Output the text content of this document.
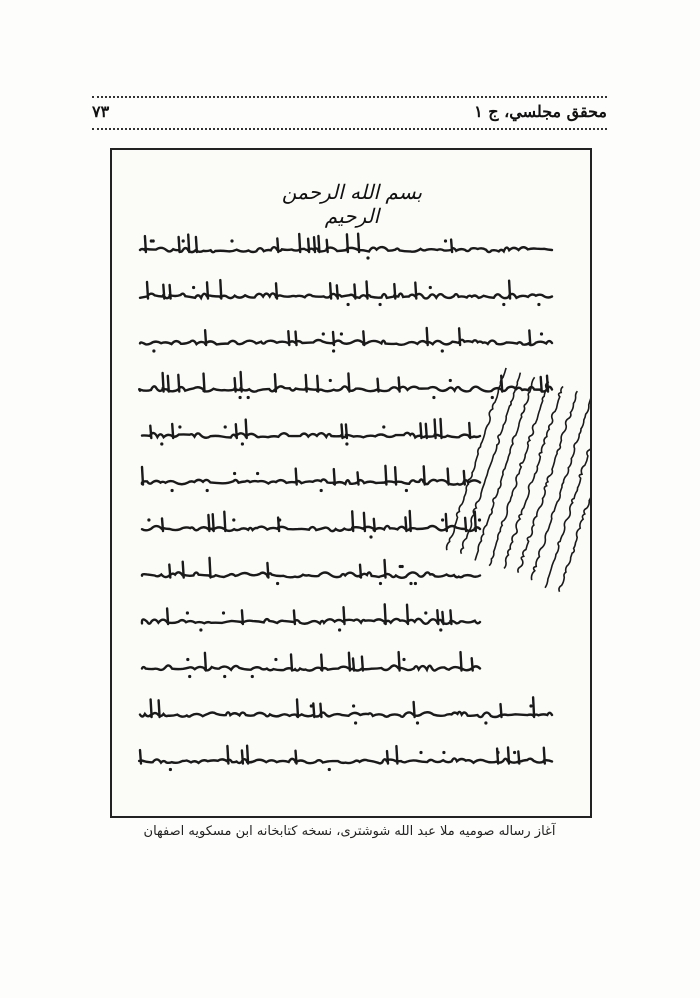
محقق مجلسي، ج ۱
۷۳
بسم الله الرحمن الرحيم
آغاز رساله صومیه ملا عبد الله شوشتری، نسخه کتابخانه ابن مسکویه اصفهان
